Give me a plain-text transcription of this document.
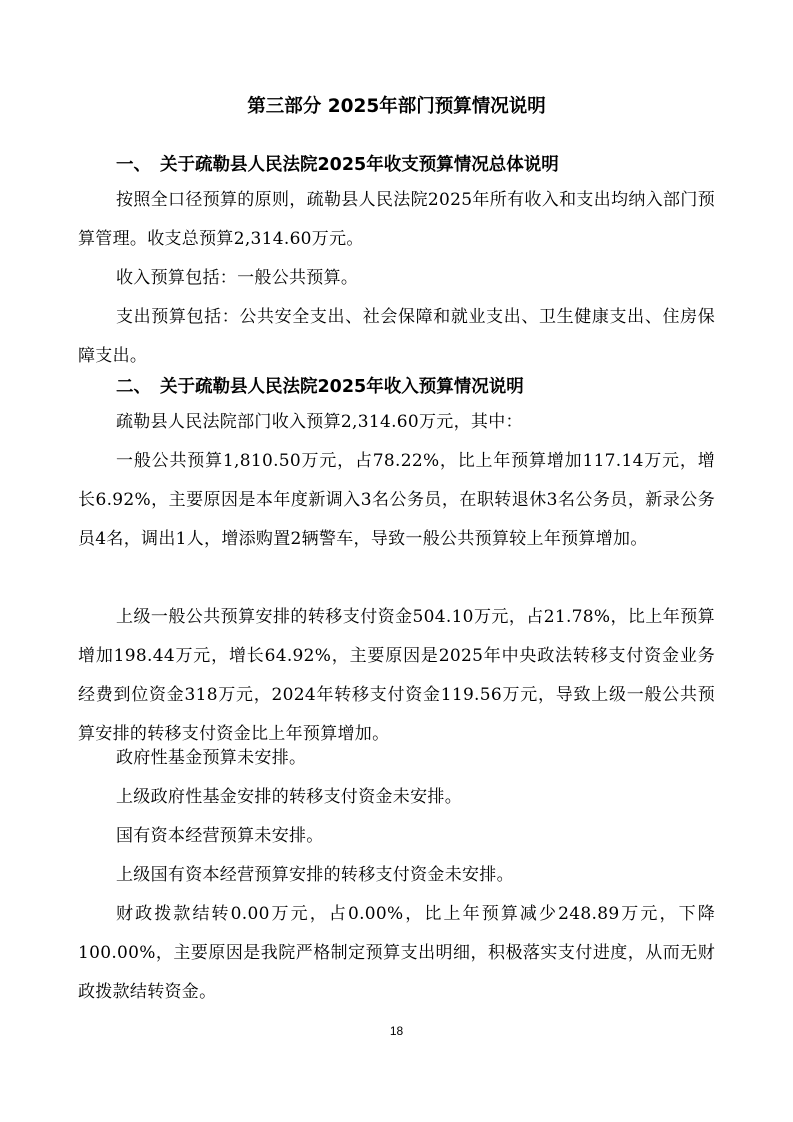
第三部分 2025年部门预算情况说明
一、 关于疏勒县人民法院2025年收支预算情况总体说明

按照全口径预算的原则，疏勒县人民法院2025年所有收入和支出均纳入部门预算管理。收支总预算2,314.60万元。

收入预算包括：一般公共预算。

支出预算包括：公共安全支出、社会保障和就业支出、卫生健康支出、住房保障支出。

二、 关于疏勒县人民法院2025年收入预算情况说明

疏勒县人民法院部门收入预算2,314.60万元，其中：

一般公共预算1,810.50万元，占78.22%，比上年预算增加117.14万元，增长6.92%，主要原因是本年度新调入3名公务员，在职转退休3名公务员，新录公务员4名，调出1人，增添购置2辆警车，导致一般公共预算较上年预算增加。

上级一般公共预算安排的转移支付资金504.10万元，占21.78%，比上年预算增加198.44万元，增长64.92%，主要原因是2025年中央政法转移支付资金业务经费到位资金318万元，2024年转移支付资金119.56万元，导致上级一般公共预算安排的转移支付资金比上年预算增加。

政府性基金预算未安排。

上级政府性基金安排的转移支付资金未安排。

国有资本经营预算未安排。

上级国有资本经营预算安排的转移支付资金未安排。

财政拨款结转0.00万元，占0.00%，比上年预算减少248.89万元，下降100.00%，主要原因是我院严格制定预算支出明细，积极落实支付进度，从而无财政拨款结转资金。

18
